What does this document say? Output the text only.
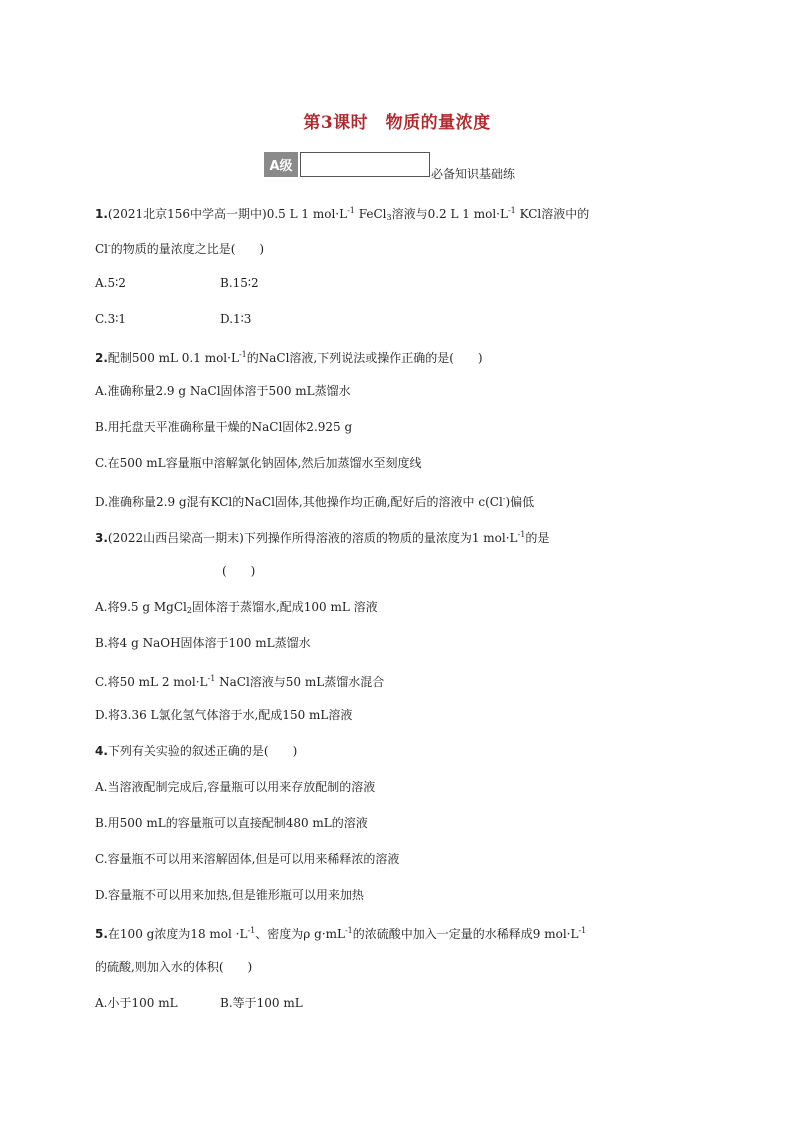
第3课时　物质的量浓度
A级	必备知识基础练
1.(2021北京156中学高一期中)0.5 L 1 $mol\cdot L^{-1}$ FeCl$_3$溶液与0.2 L 1 $mol\cdot L^{-1}$ KCl溶液中的
Cl-的物质的量浓度之比是(　　)
A.5∶2	B.15∶2
C.3∶1	D.1∶3
2.配制500 mL 0.1 $mol\cdot L^{-1}$的NaCl溶液,下列说法或操作正确的是(　　)
A.准确称量2.9 g NaCl固体溶于500 mL蒸馏水
B.用托盘天平准确称量干燥的NaCl固体2.925 g
C.在500 mL容量瓶中溶解氯化钠固体,然后加蒸馏水至刻度线
D.准确称量2.9 g混有KCl的NaCl固体,其他操作均正确,配好后的溶液中 c(Cl-)偏低
3.(2022山西吕梁高一期末)下列操作所得溶液的溶质的物质的量浓度为1 $mol\cdot L^{-1}$的是
(　　)
A.将9.5 g MgCl$_2$固体溶于蒸馏水,配成100 mL 溶液
B.将4 g NaOH固体溶于100 mL蒸馏水
C.将50 mL 2 $mol\cdot L^{-1}$ NaCl溶液与50 mL蒸馏水混合
D.将3.36 L氯化氢气体溶于水,配成150 mL溶液
4.下列有关实验的叙述正确的是(　　)
A.当溶液配制完成后,容量瓶可以用来存放配制的溶液
B.用500 mL的容量瓶可以直接配制480 mL的溶液
C.容量瓶不可以用来溶解固体,但是可以用来稀释浓的溶液
D.容量瓶不可以用来加热,但是锥形瓶可以用来加热
5.在100 g浓度为18 mol $\cdot L^{-1}$、密度为ρ $g\cdot mL^{-1}$的浓硫酸中加入一定量的水稀释成9 $mol\cdot L^{-1}$
的硫酸,则加入水的体积(　　)
A.小于100 mL	B.等于100 mL
